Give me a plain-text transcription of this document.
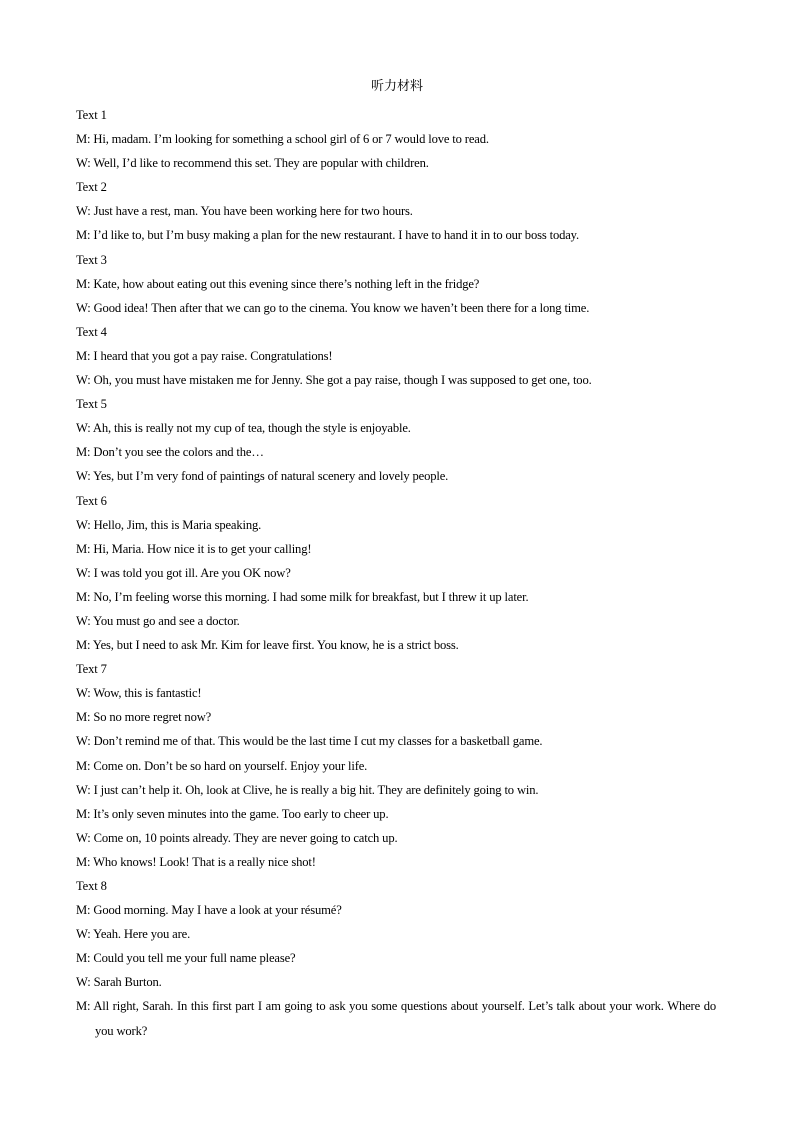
听力材料
Text 1
M: Hi, madam. I’m looking for something a school girl of 6 or 7 would love to read.
W: Well, I’d like to recommend this set. They are popular with children.
Text 2
W: Just have a rest, man. You have been working here for two hours.
M: I’d like to, but I’m busy making a plan for the new restaurant. I have to hand it in to our boss today.
Text 3
M: Kate, how about eating out this evening since there’s nothing left in the fridge?
W: Good idea! Then after that we can go to the cinema. You know we haven’t been there for a long time.
Text 4
M: I heard that you got a pay raise. Congratulations!
W: Oh, you must have mistaken me for Jenny. She got a pay raise, though I was supposed to get one, too.
Text 5
W: Ah, this is really not my cup of tea, though the style is enjoyable.
M: Don’t you see the colors and the…
W: Yes, but I’m very fond of paintings of natural scenery and lovely people.
Text 6
W: Hello, Jim, this is Maria speaking.
M: Hi, Maria. How nice it is to get your calling!
W: I was told you got ill. Are you OK now?
M: No, I’m feeling worse this morning. I had some milk for breakfast, but I threw it up later.
W: You must go and see a doctor.
M: Yes, but I need to ask Mr. Kim for leave first. You know, he is a strict boss.
Text 7
W: Wow, this is fantastic!
M: So no more regret now?
W: Don’t remind me of that. This would be the last time I cut my classes for a basketball game.
M: Come on. Don’t be so hard on yourself. Enjoy your life.
W: I just can’t help it. Oh, look at Clive, he is really a big hit. They are definitely going to win.
M: It’s only seven minutes into the game. Too early to cheer up.
W: Come on, 10 points already. They are never going to catch up.
M: Who knows! Look! That is a really nice shot!
Text 8
M: Good morning. May I have a look at your résumé?
W: Yeah. Here you are.
M: Could you tell me your full name please?
W: Sarah Burton.
M: All right, Sarah. In this first part I am going to ask you some questions about yourself. Let’s talk about your work. Where do you work?
